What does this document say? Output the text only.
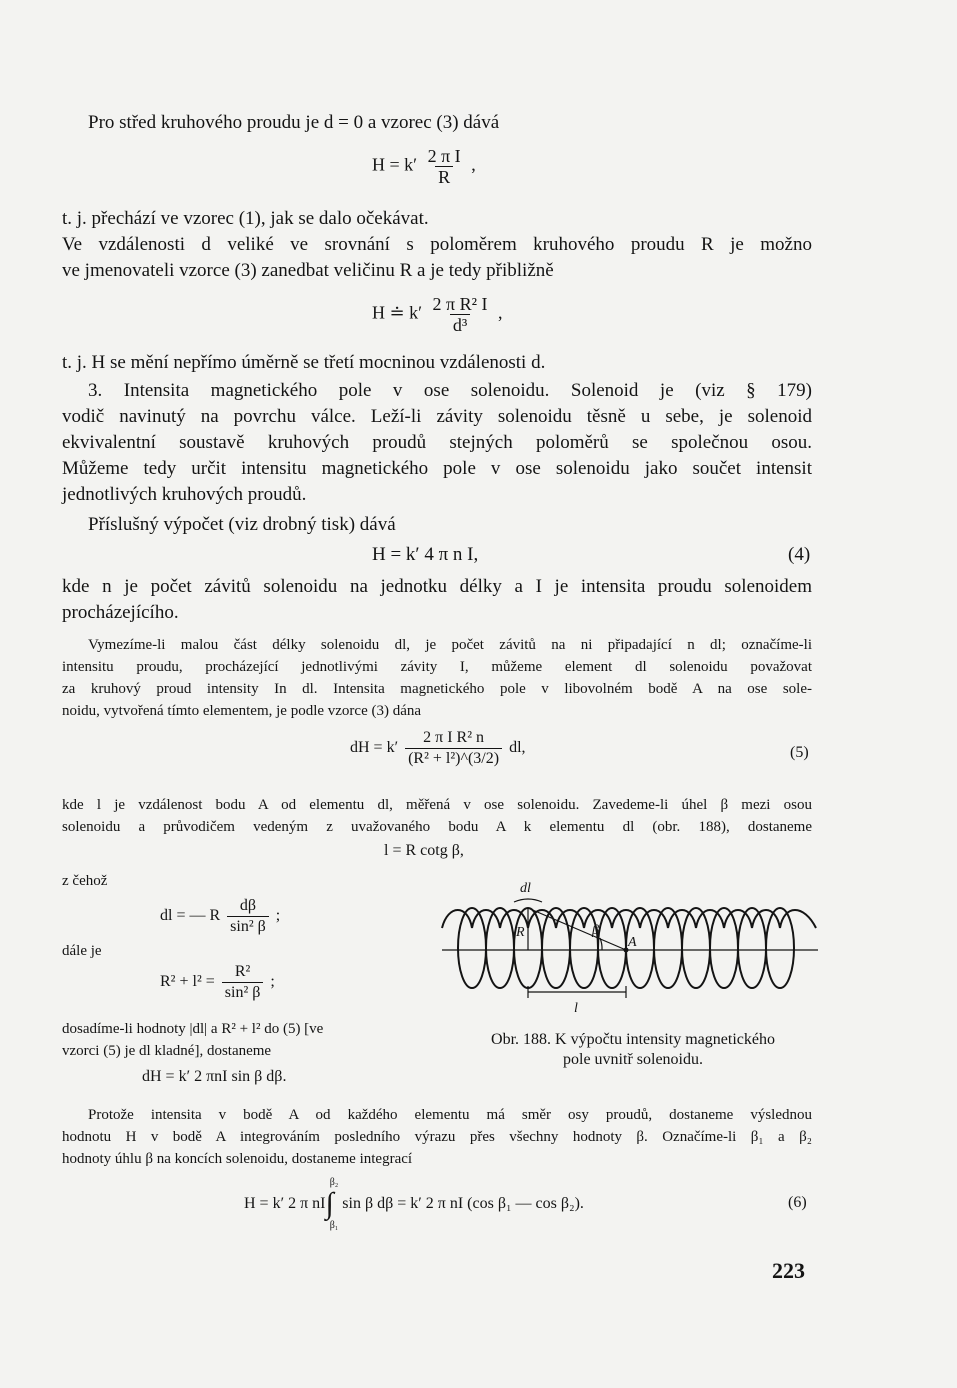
Pro střed kruhového proudu je d = 0 a vzorec (3) dává
$H = k' \frac{\text{2 π I}}{R}$ ,
t. j. přechází ve vzorec (1), jak se dalo očekávat.
Ve vzdálenosti d veliké ve srovnání s poloměrem kruhového proudu R je možno
ve jmenovateli vzorce (3) zanedbat veličinu R a je tedy přibližně
H ≐ $k' \frac{\text{2 π R² I}}{\text{d³}}$ ,
t. j. H se mění nepřímo úměrně se třetí mocninou vzdálenosti d.
3. Intensita magnetického pole v ose solenoidu. Solenoid je (viz § 179)
vodič navinutý na povrchu válce. Leží-li závity solenoidu těsně u sebe, je solenoid
ekvivalentní soustavě kruhových proudů stejných poloměrů se společnou osou.
Můžeme tedy určit intensitu magnetického pole v ose solenoidu jako součet intensit
jednotlivých kruhových proudů.
Příslušný výpočet (viz drobný tisk) dává
H = k′ 4 π n I,	(4)
kde n je počet závitů solenoidu na jednotku délky a I je intensita proudu solenoidem
procházejícího.
Vymezíme-li malou část délky solenoidu dl, je počet závitů na ni připadající n dl; označíme-li
intensitu proudu, procházející jednotlivými závity I, můžeme element dl solenoidu považovat
za kruhový proud intensity In dl. Intensita magnetického pole v libovolném bodě A na ose sole-
noidu, vytvořená tímto elementem, je podle vzorce (3) dána
dH = $k' \frac{\text{2 π I R² n}}{\text{(R² + l²)\textasciicircum{}(3/2)}}$ dl,	(5)
kde l je vzdálenost bodu A od elementu dl, měřená v ose solenoidu. Zavedeme-li úhel β mezi osou
solenoidu a průvodičem vedeným z uvažovaného bodu A k elementu dl (obr. 188), dostaneme
l = R cotg β,
z čehož
dl = — R $\frac{d\beta}{\text{sin² β}}$ ;
dále je
$R^2 + l^2 = \frac{\text{R²}}{\text{sin² β}}$ ;
dosadíme-li hodnoty |dl| a R² + l² do (5) [ve
vzorci (5) je dl kladné], dostaneme
dH = k′ 2 πnI sin β dβ.
dl
R	β
A
l
Obr. 188. K výpočtu intensity magnetického
pole uvnitř solenoidu.
Protože intensita v bodě A od každého elementu má směr osy proudů, dostaneme výslednou
hodnotu H v bodě A integrováním posledního výrazu přes všechny hodnoty β. Označíme-li β₁ a β₂
hodnoty úhlu β na koncích solenoidu, dostaneme integrací
H = k′ 2 π nI ∫
β₂
β₁
sin β dβ = k′ 2 π nI (cos β₁ — cos β₂).	(6)
223
